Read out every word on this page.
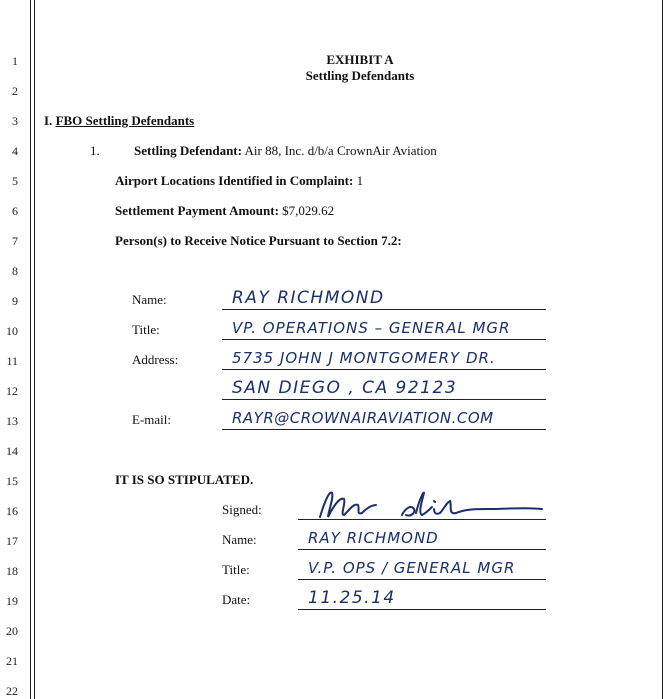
1
2
3
4
5
6
7
8
9
10
11
12
13
14
15
16
17
18
19
20
21
22
EXHIBIT A
Settling Defendants
I. FBO Settling Defendants
1.	Settling Defendant: Air 88, Inc. d/b/a CrownAir Aviation
Airport Locations Identified in Complaint: 1
Settlement Payment Amount: $7,029.62
Person(s) to Receive Notice Pursuant to Section 7.2:
Name:	RAY RICHMOND
Title:	VP. OPERATIONS – GENERAL MGR
Address:	5735 JOHN J MONTGOMERY DR.
SAN DIEGO , CA 92123
E-mail:	RAYR@CROWNAIRAVIATION.COM
IT IS SO STIPULATED.
Signed:
Name:	RAY RICHMOND
Title:	V.P. OPS / GENERAL MGR
Date:	11.25.14
